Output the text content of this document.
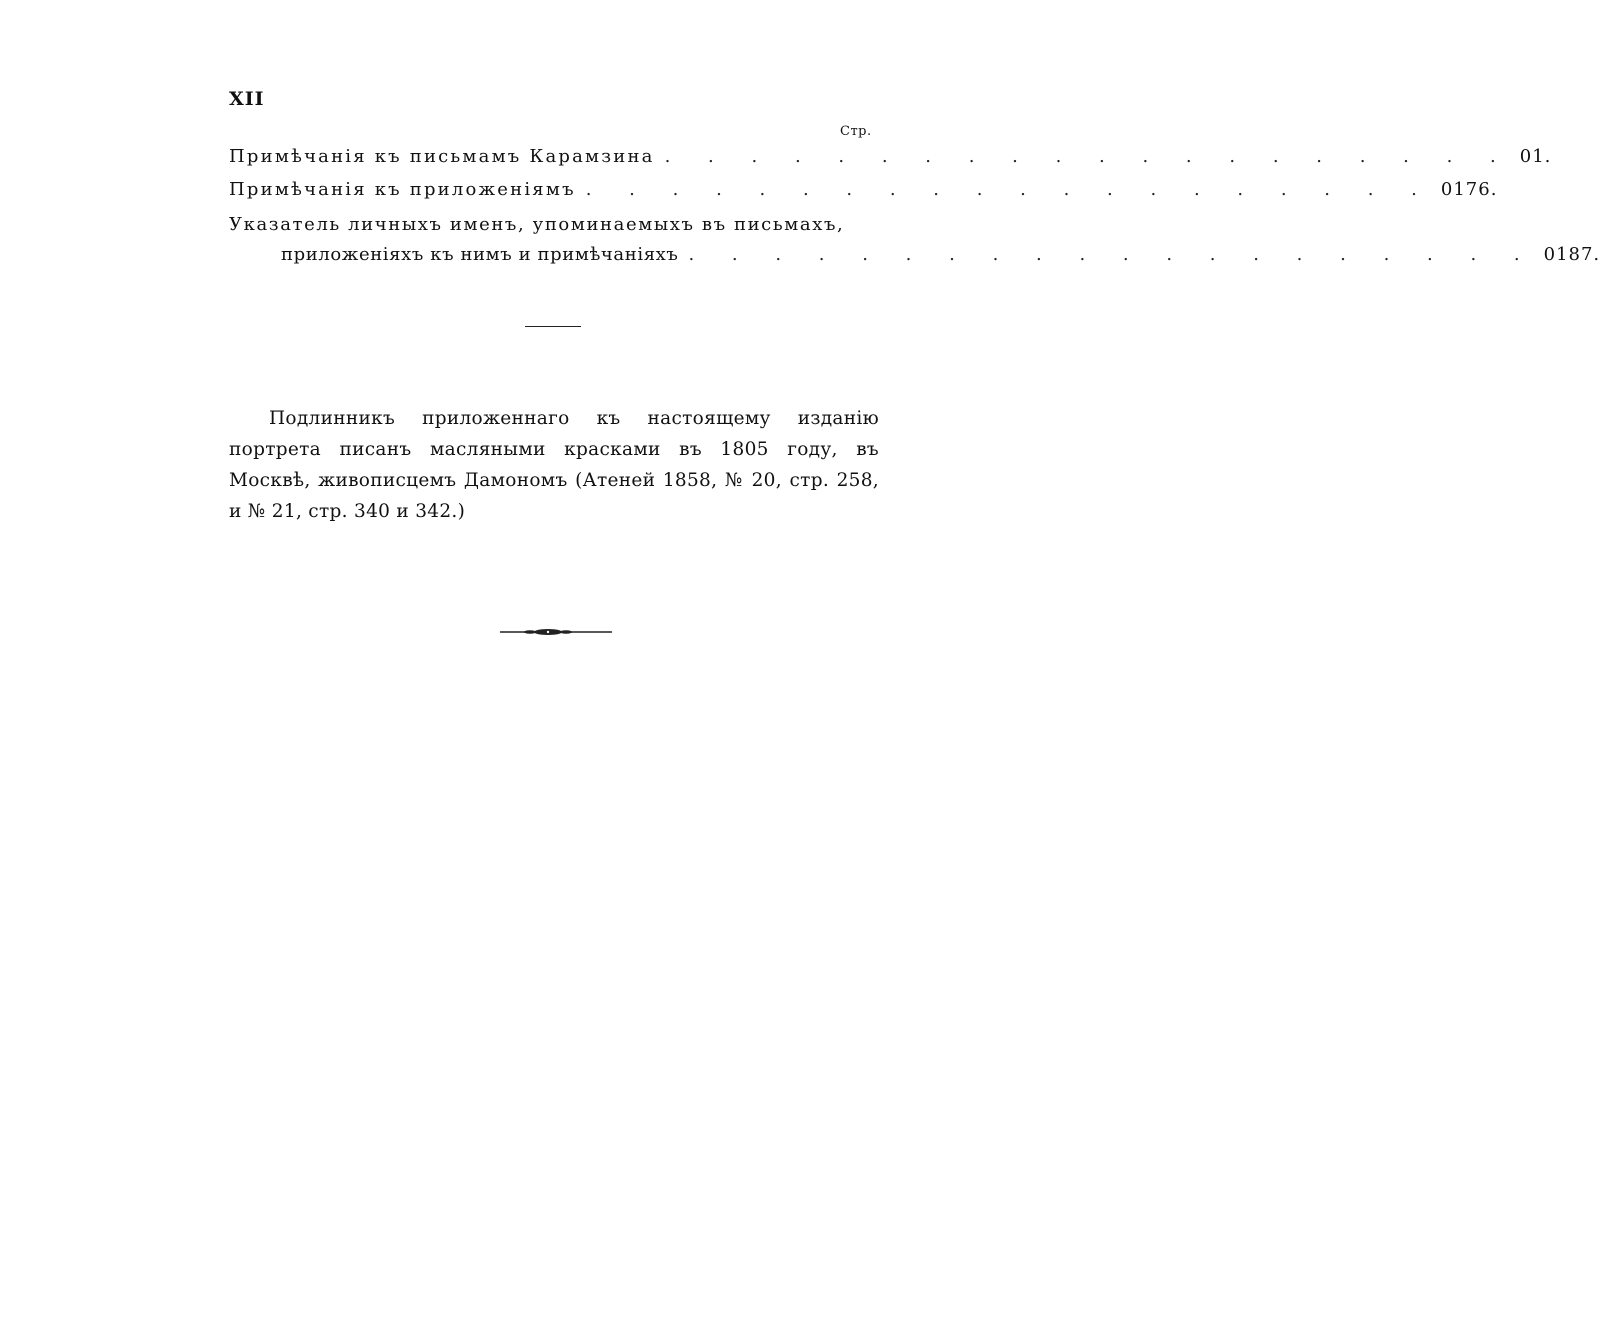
XII
Стр.
Примѣчанія къ письмамъ Карамзина . . . . . . . . . . . . . . . . . . . . 01.
Примѣчанія къ приложеніямъ . . . . . . . . . . . . . . . . . . . . 0176.
Указатель личныхъ именъ, упоминаемыхъ въ письмахъ,
приложеніяхъ къ нимъ и примѣчаніяхъ . . . . . . . . . . . . . . . . . . . . 0187.

Подлинникъ приложеннаго къ настоящему изданію портрета писанъ масляными красками въ 1805 году, въ Москвѣ, живописцемъ Дамономъ (Атеней 1858, № 20, стр. 258, и № 21, стр. 340 и 342.)
